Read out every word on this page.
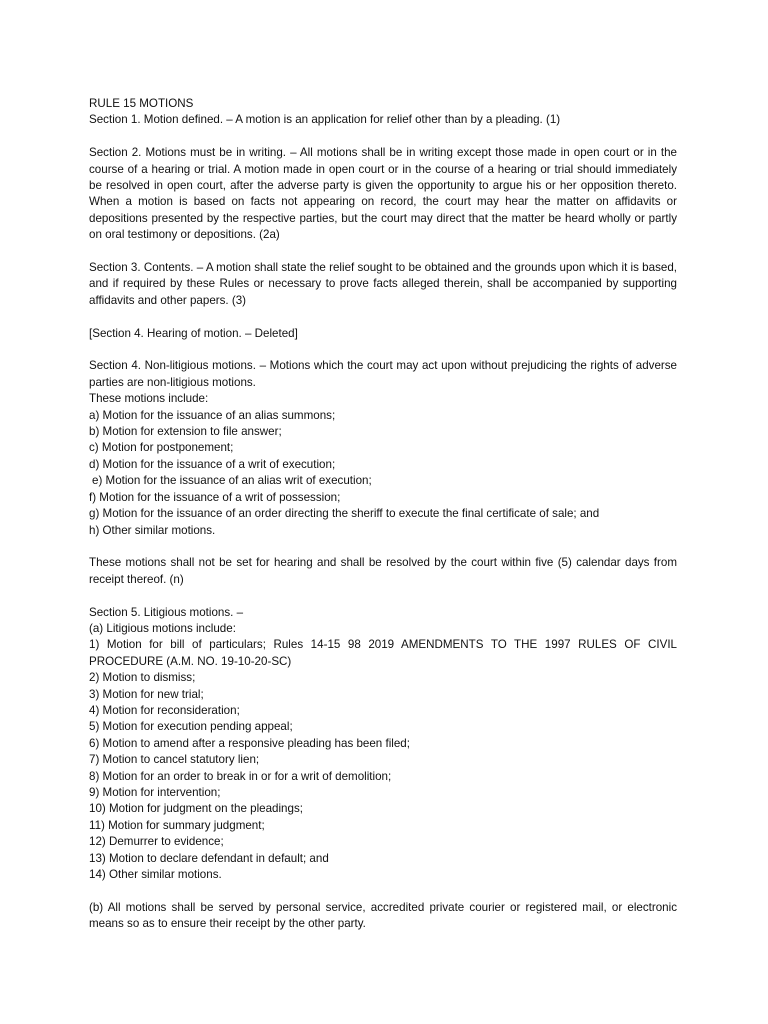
RULE 15 MOTIONS
Section 1. Motion defined. – A motion is an application for relief other than by a pleading. (1)
Section 2. Motions must be in writing. – All motions shall be in writing except those made in open court or in the course of a hearing or trial. A motion made in open court or in the course of a hearing or trial should immediately be resolved in open court, after the adverse party is given the opportunity to argue his or her opposition thereto. When a motion is based on facts not appearing on record, the court may hear the matter on affidavits or depositions presented by the respective parties, but the court may direct that the matter be heard wholly or partly on oral testimony or depositions. (2a)
Section 3. Contents. – A motion shall state the relief sought to be obtained and the grounds upon which it is based, and if required by these Rules or necessary to prove facts alleged therein, shall be accompanied by supporting affidavits and other papers. (3)
[Section 4. Hearing of motion. – Deleted]
Section 4. Non-litigious motions. – Motions which the court may act upon without prejudicing the rights of adverse parties are non-litigious motions.
These motions include:
a) Motion for the issuance of an alias summons;
b) Motion for extension to file answer;
c) Motion for postponement;
d) Motion for the issuance of a writ of execution;
e) Motion for the issuance of an alias writ of execution;
f) Motion for the issuance of a writ of possession;
g) Motion for the issuance of an order directing the sheriff to execute the final certificate of sale; and
h) Other similar motions.
These motions shall not be set for hearing and shall be resolved by the court within five (5) calendar days from receipt thereof. (n)
Section 5. Litigious motions. –
(a) Litigious motions include:
1) Motion for bill of particulars; Rules 14-15 98 2019 AMENDMENTS TO THE 1997 RULES OF CIVIL PROCEDURE (A.M. NO. 19-10-20-SC)
2) Motion to dismiss;
3) Motion for new trial;
4) Motion for reconsideration;
5) Motion for execution pending appeal;
6) Motion to amend after a responsive pleading has been filed;
7) Motion to cancel statutory lien;
8) Motion for an order to break in or for a writ of demolition;
9) Motion for intervention;
10) Motion for judgment on the pleadings;
11) Motion for summary judgment;
12) Demurrer to evidence;
13) Motion to declare defendant in default; and
14) Other similar motions.
(b) All motions shall be served by personal service, accredited private courier or registered mail, or electronic means so as to ensure their receipt by the other party.
